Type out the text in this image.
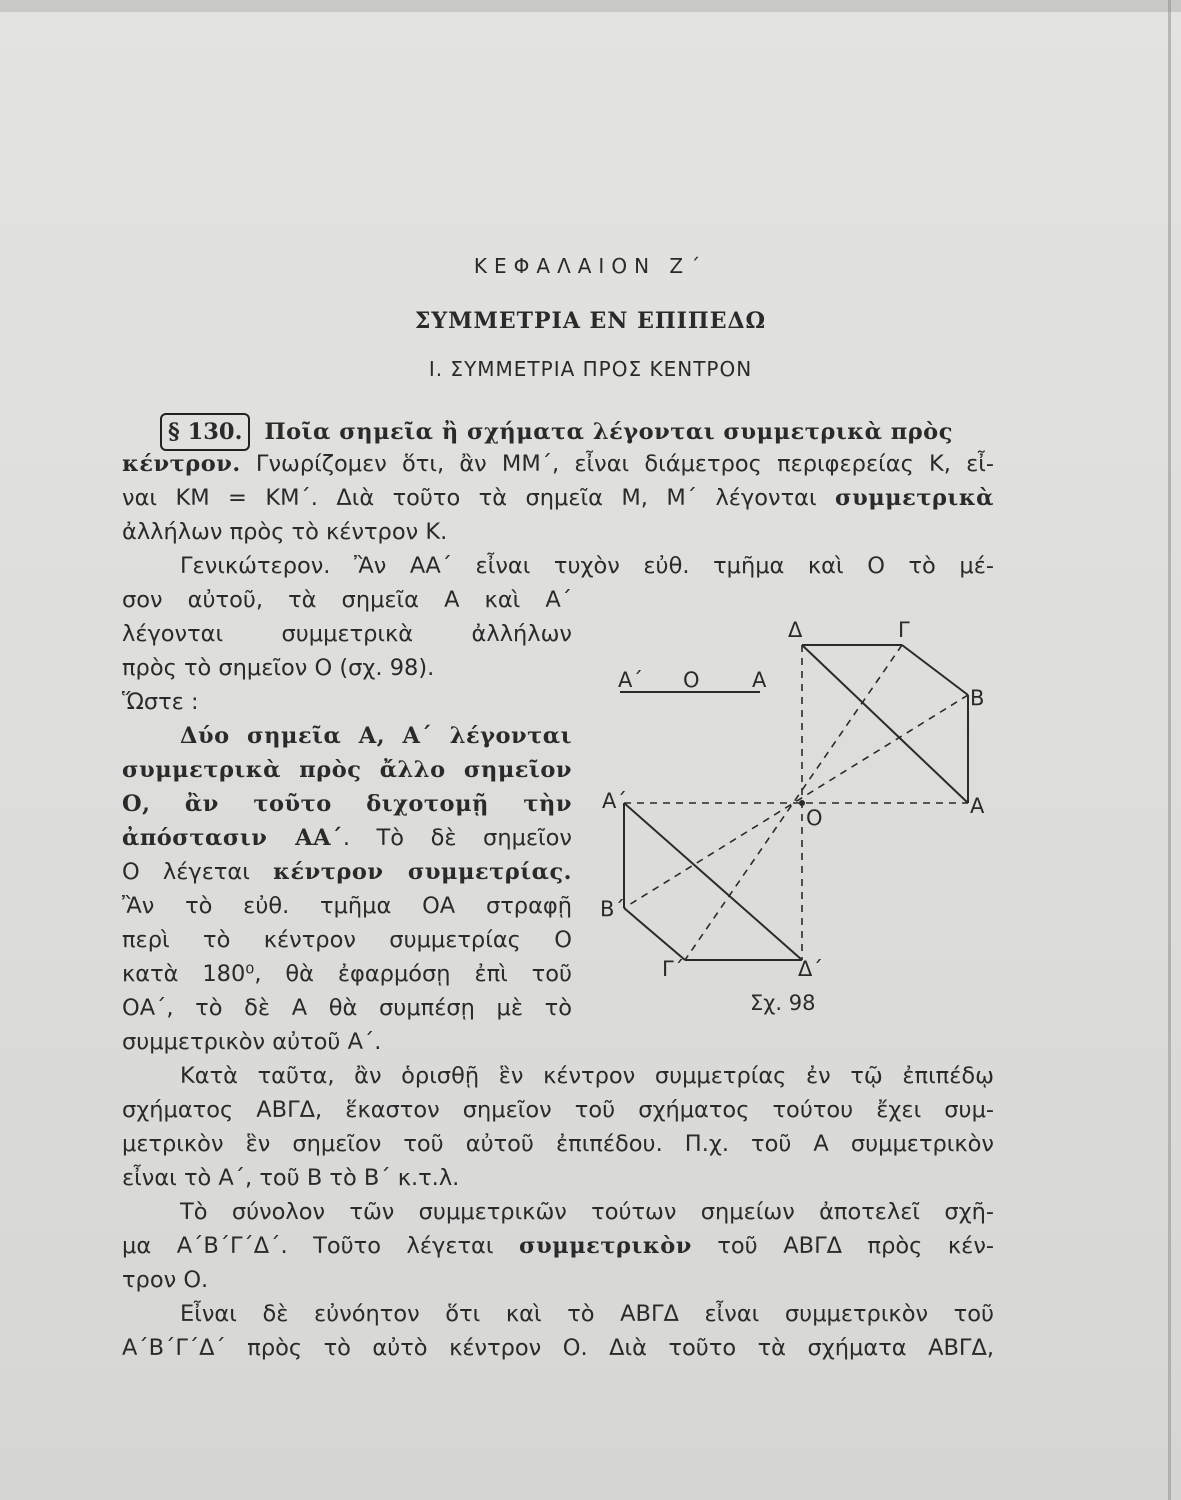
ΚΕΦΑΛΑΙΟΝ Ζ΄
ΣΥΜΜΕΤΡΙΑ ΕΝ ΕΠΙΠΕΔΩ
Ι. ΣΥΜΜΕΤΡΙΑ ΠΡΟΣ ΚΕΝΤΡΟΝ
§ 130. Ποῖα σημεῖα ἢ σχήματα λέγονται συμμετρικὰ πρὸς
κέντρον. Γνωρίζομεν ὅτι, ἂν ΜΜ΄, εἶναι διάμετρος περιφερείας Κ, εἶ-
ναι ΚΜ = ΚΜ΄. Διὰ τοῦτο τὰ σημεῖα Μ, Μ΄ λέγονται συμμετρικὰ
ἀλλήλων πρὸς τὸ κέντρον Κ.
Γενικώτερον. Ἂν ΑΑ΄ εἶναι τυχὸν εὐθ. τμῆμα καὶ Ο τὸ μέ-
σον αὐτοῦ, τὰ σημεῖα Α καὶ Α΄
λέγονται συμμετρικὰ ἀλλήλων
πρὸς τὸ σημεῖον Ο (σχ. 98).
Ὥστε :
Δύο σημεῖα Α, Α΄ λέγονται
συμμετρικὰ πρὸς ἄλλο σημεῖον
Ο, ἂν τοῦτο διχοτομῇ τὴν
ἀπόστασιν ΑΑ΄. Τὸ δὲ σημεῖον
Ο λέγεται κέντρον συμμετρίας.
Ἂν τὸ εὐθ. τμῆμα ΟΑ στραφῇ
περὶ τὸ κέντρον συμμετρίας Ο
κατὰ 180⁰, θὰ ἐφαρμόσῃ ἐπὶ τοῦ
ΟΑ΄, τὸ δὲ Α θὰ συμπέσῃ μὲ τὸ
συμμετρικὸν αὐτοῦ Α΄.
Κατὰ ταῦτα, ἂν ὁρισθῇ ἓν κέντρον συμμετρίας ἐν τῷ ἐπιπέδῳ
σχήματος ΑΒΓΔ, ἕκαστον σημεῖον τοῦ σχήματος τούτου ἔχει συμ-
μετρικὸν ἓν σημεῖον τοῦ αὐτοῦ ἐπιπέδου. Π.χ. τοῦ Α συμμετρικὸν
εἶναι τὸ Α΄, τοῦ Β τὸ Β΄ κ.τ.λ.
Τὸ σύνολον τῶν συμμετρικῶν τούτων σημείων ἀποτελεῖ σχῆ-
μα Α΄Β΄Γ΄Δ΄. Τοῦτο λέγεται συμμετρικὸν τοῦ ΑΒΓΔ πρὸς κέν-
τρον Ο.
Εἶναι δὲ εὐνόητον ὅτι καὶ τὸ ΑΒΓΔ εἶναι συμμετρικὸν τοῦ
Α΄Β΄Γ΄Δ΄ πρὸς τὸ αὐτὸ κέντρον Ο. Διὰ τοῦτο τὰ σχήματα ΑΒΓΔ,
Α΄ Ο Α
Δ	Γ
Β
Α΄
Ο	Α
Β΄
Γ΄	Δ΄
Σχ. 98
